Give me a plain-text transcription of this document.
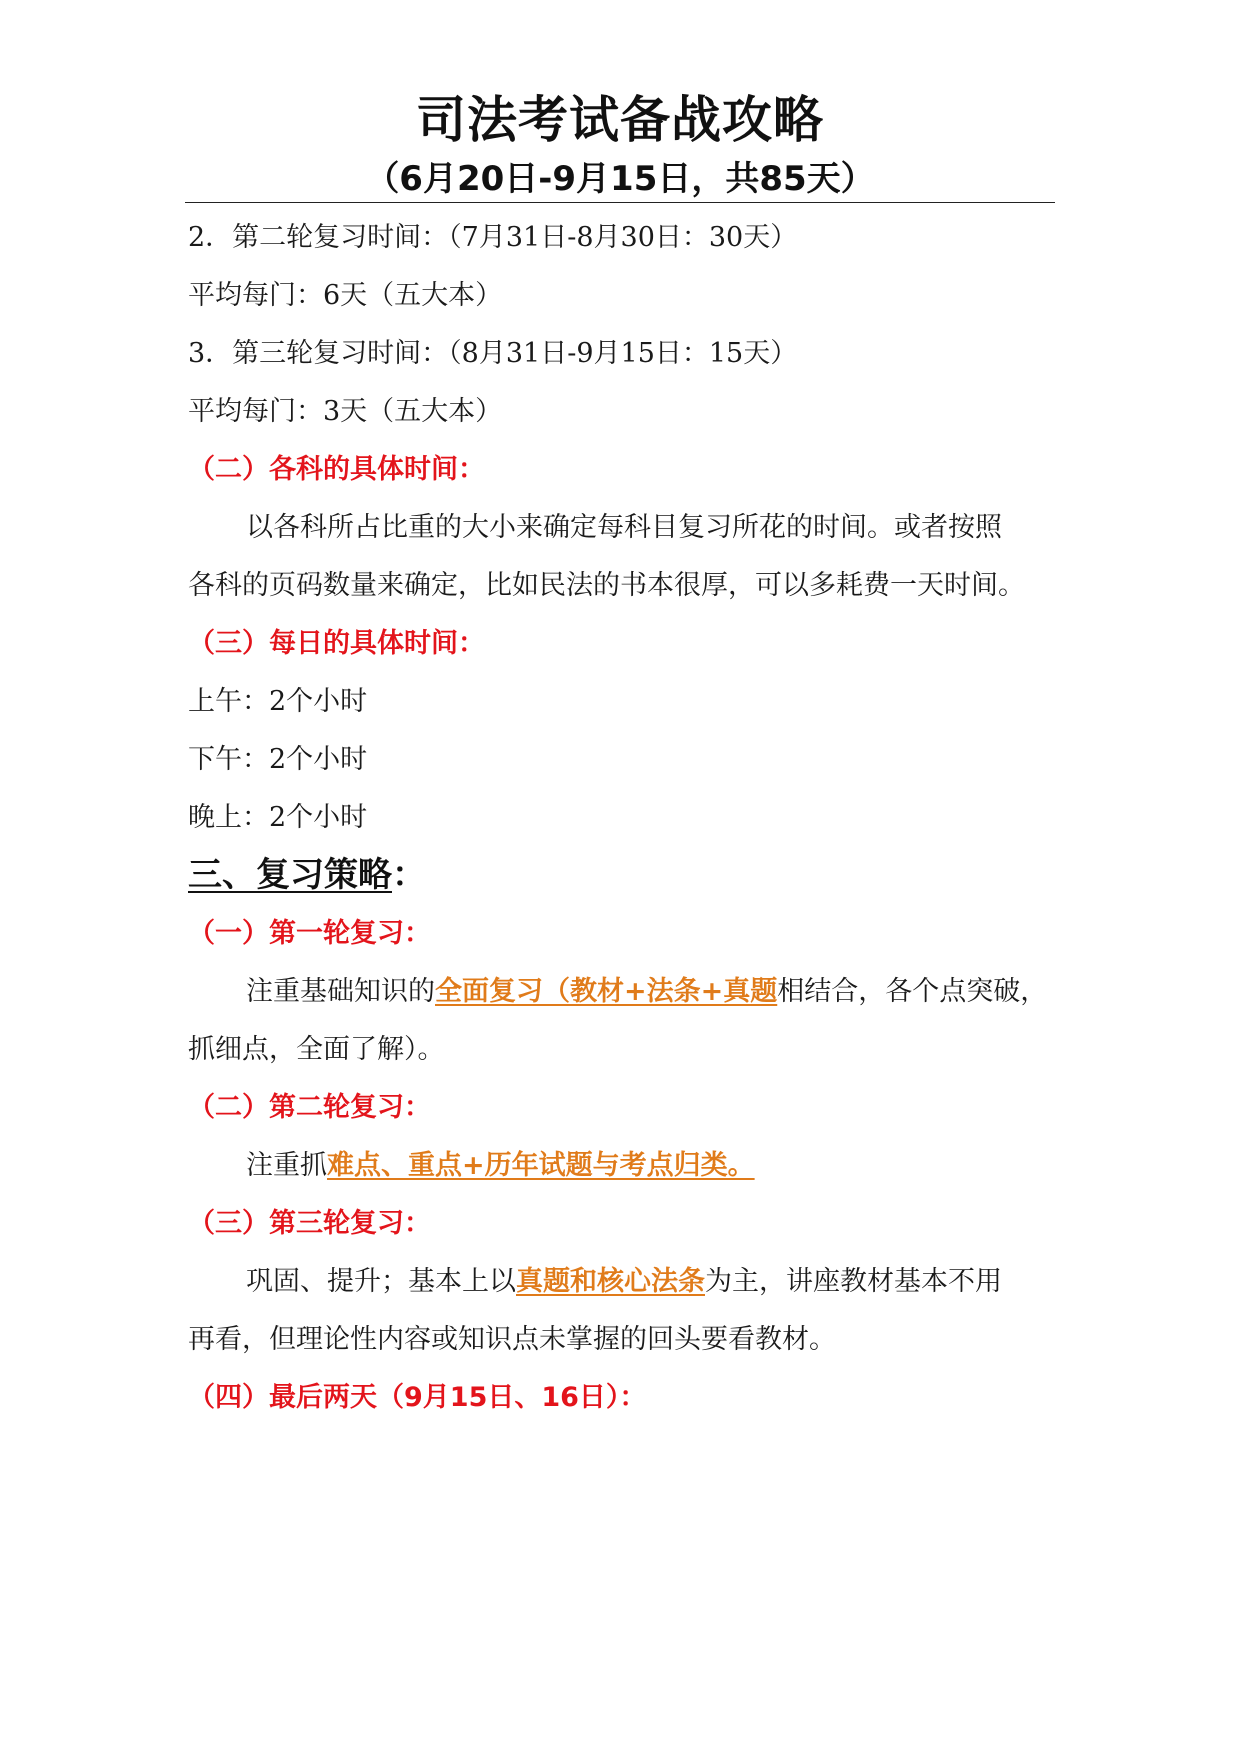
司法考试备战攻略
（6月20日-9月15日，共85天）
2．第二轮复习时间：（7月31日-8月30日：30天）
平均每门：6天（五大本）
3．第三轮复习时间：（8月31日-9月15日：15天）
平均每门：3天（五大本）
（二）各科的具体时间：
以各科所占比重的大小来确定每科目复习所花的时间。或者按照
各科的页码数量来确定，比如民法的书本很厚，可以多耗费一天时间。
（三）每日的具体时间：
上午：2个小时
下午：2个小时
晚上：2个小时
三、复习策略：
（一）第一轮复习：
注重基础知识的全面复习（教材+法条+真题相结合，各个点突破，
抓细点，全面了解）。
（二）第二轮复习：
注重抓难点、重点+历年试题与考点归类。
（三）第三轮复习：
巩固、提升；基本上以真题和核心法条为主，讲座教材基本不用
再看，但理论性内容或知识点未掌握的回头要看教材。
（四）最后两天（9月15日、16日）：
